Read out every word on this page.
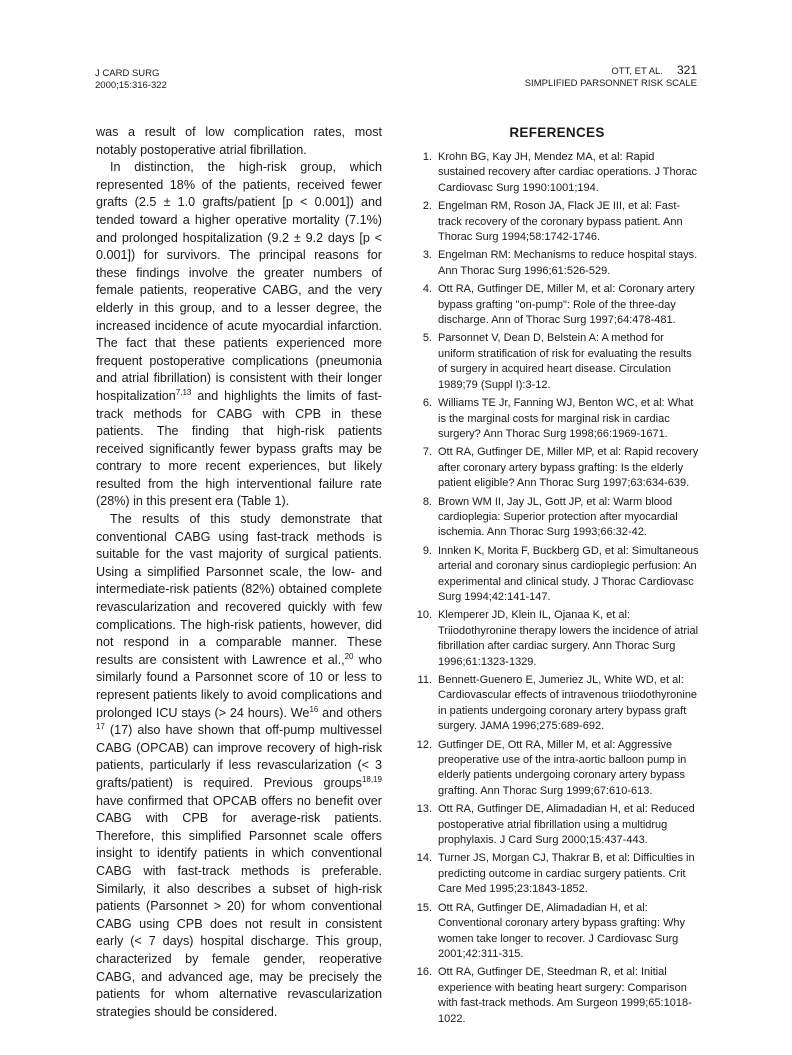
J CARD SURG
2000;15:316-322
OTT, ET AL. 321
SIMPLIFIED PARSONNET RISK SCALE

was a result of low complication rates, most notably postoperative atrial fibrillation.

In distinction, the high-risk group, which represented 18% of the patients, received fewer grafts (2.5 ± 1.0 grafts/patient [p < 0.001]) and tended toward a higher operative mortality (7.1%) and prolonged hospitalization (9.2 ± 9.2 days [p < 0.001]) for survivors. The principal reasons for these findings involve the greater numbers of female patients, reoperative CABG, and the very elderly in this group, and to a lesser degree, the increased incidence of acute myocardial infarction. The fact that these patients experienced more frequent postoperative complications (pneumonia and atrial fibrillation) is consistent with their longer hospitalization$^{7,13}$ and highlights the limits of fast-track methods for CABG with CPB in these patients. The finding that high-risk patients received significantly fewer bypass grafts may be contrary to more recent experiences, but likely resulted from the high interventional failure rate (28%) in this present era (Table 1).

The results of this study demonstrate that conventional CABG using fast-track methods is suitable for the vast majority of surgical patients. Using a simplified Parsonnet scale, the low- and intermediate-risk patients (82%) obtained complete revascularization and recovered quickly with few complications. The high-risk patients, however, did not respond in a comparable manner. These results are consistent with Lawrence et al.,$^{20}$ who similarly found a Parsonnet score of 10 or less to represent patients likely to avoid complications and prolonged ICU stays (> 24 hours). We$^{16}$ and others $^{17}$ (17) also have shown that off-pump multivessel CABG (OPCAB) can improve recovery of high-risk patients, particularly if less revascularization (< 3 grafts/patient) is required. Previous groups$^{18,19}$ have confirmed that OPCAB offers no benefit over CABG with CPB for average-risk patients. Therefore, this simplified Parsonnet scale offers insight to identify patients in which conventional CABG with fast-track methods is preferable. Similarly, it also describes a subset of high-risk patients (Parsonnet > 20) for whom conventional CABG using CPB does not result in consistent early (< 7 days) hospital discharge. This group, characterized by female gender, reoperative CABG, and advanced age, may be precisely the patients for whom alternative revascularization strategies should be considered.

REFERENCES
1. Krohn BG, Kay JH, Mendez MA, et al: Rapid sustained recovery after cardiac operations. J Thorac Cardiovasc Surg 1990:1001;194.
2. Engelman RM, Roson JA, Flack JE III, et al: Fast-track recovery of the coronary bypass patient. Ann Thorac Surg 1994;58:1742-1746.
3. Engelman RM: Mechanisms to reduce hospital stays. Ann Thorac Surg 1996;61:526-529.
4. Ott RA, Gutfinger DE, Miller M, et al: Coronary artery bypass grafting "on-pump": Role of the three-day discharge. Ann of Thorac Surg 1997;64:478-481.
5. Parsonnet V, Dean D, Belstein A: A method for uniform stratification of risk for evaluating the results of surgery in acquired heart disease. Circulation 1989;79 (Suppl I):3-12.
6. Williams TE Jr, Fanning WJ, Benton WC, et al: What is the marginal costs for marginal risk in cardiac surgery? Ann Thorac Surg 1998;66:1969-1671.
7. Ott RA, Gutfinger DE, Miller MP, et al: Rapid recovery after coronary artery bypass grafting: Is the elderly patient eligible? Ann Thorac Surg 1997;63:634-639.
8. Brown WM II, Jay JL, Gott JP, et al: Warm blood cardioplegia: Superior protection after myocardial ischemia. Ann Thorac Surg 1993;66:32-42.
9. Innken K, Morita F, Buckberg GD, et al: Simultaneous arterial and coronary sinus cardioplegic perfusion: An experimental and clinical study. J Thorac Cardiovasc Surg 1994;42:141-147.
10. Klemperer JD, Klein IL, Ojanaa K, et al: Triiodothyronine therapy lowers the incidence of atrial fibrillation after cardiac surgery. Ann Thorac Surg 1996;61:1323-1329.
11. Bennett-Guenero E, Jumeriez JL, White WD, et al: Cardiovascular effects of intravenous triiodothyronine in patients undergoing coronary artery bypass graft surgery. JAMA 1996;275:689-692.
12. Gutfinger DE, Ott RA, Miller M, et al: Aggressive preoperative use of the intra-aortic balloon pump in elderly patients undergoing coronary artery bypass grafting. Ann Thorac Surg 1999;67:610-613.
13. Ott RA, Gutfinger DE, Alimadadian H, et al: Reduced postoperative atrial fibrillation using a multidrug prophylaxis. J Card Surg 2000;15:437-443.
14. Turner JS, Morgan CJ, Thakrar B, et al: Difficulties in predicting outcome in cardiac surgery patients. Crit Care Med 1995;23:1843-1852.
15. Ott RA, Gutfinger DE, Alimadadian H, et al: Conventional coronary artery bypass grafting: Why women take longer to recover. J Cardiovasc Surg 2001;42:311-315.
16. Ott RA, Gutfinger DE, Steedman R, et al: Initial experience with beating heart surgery: Comparison with fast-track methods. Am Surgeon 1999;65:1018-1022.
